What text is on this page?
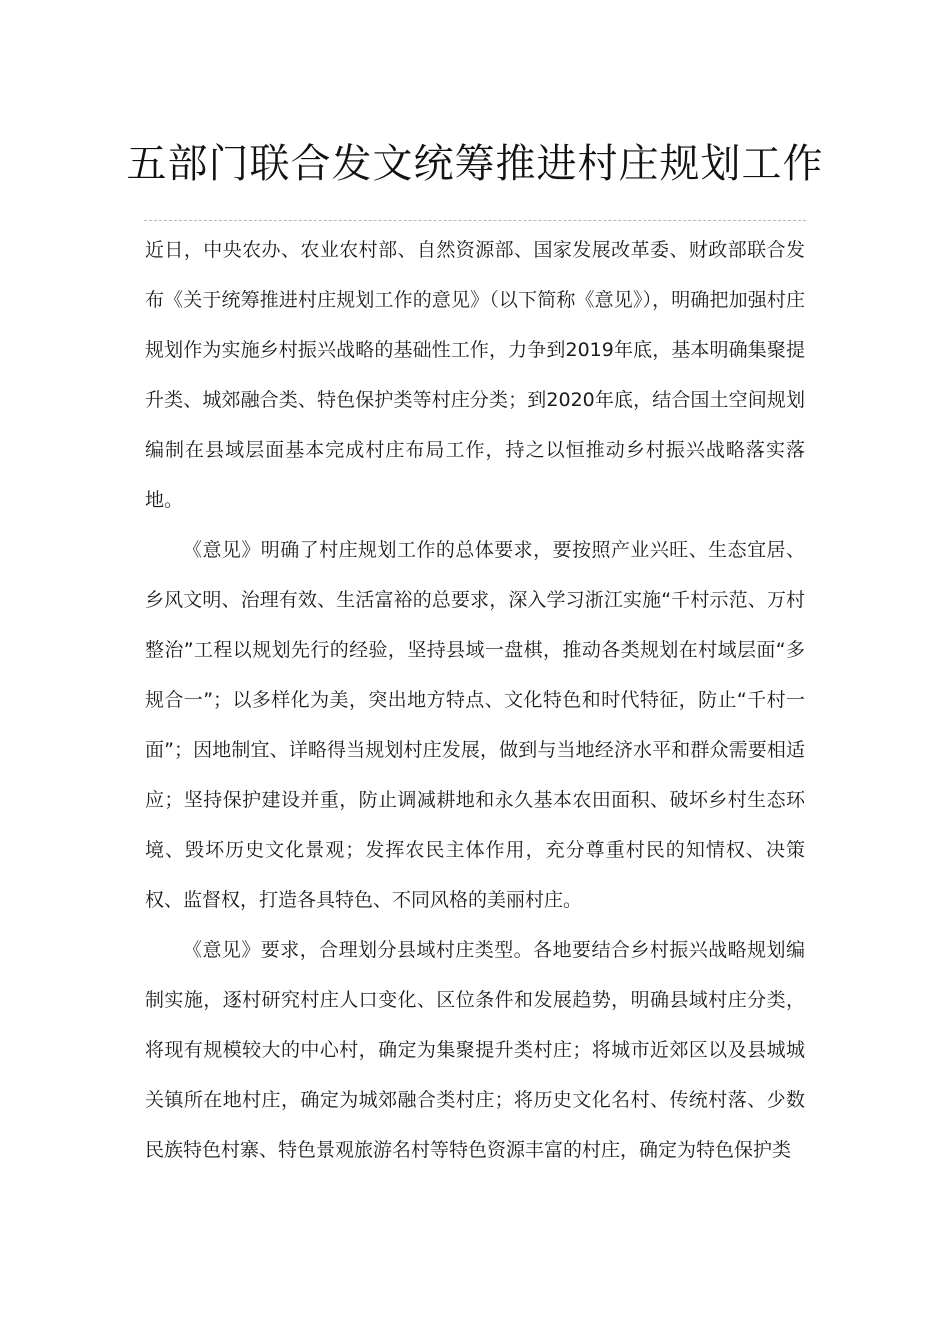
五部门联合发文统筹推进村庄规划工作

近日，中央农办、农业农村部、自然资源部、国家发展改革委、财政部联合发布《关于统筹推进村庄规划工作的意见》（以下简称《意见》），明确把加强村庄规划作为实施乡村振兴战略的基础性工作，力争到2019年底，基本明确集聚提升类、城郊融合类、特色保护类等村庄分类；到2020年底，结合国土空间规划编制在县域层面基本完成村庄布局工作，持之以恒推动乡村振兴战略落实落地。

《意见》明确了村庄规划工作的总体要求，要按照产业兴旺、生态宜居、乡风文明、治理有效、生活富裕的总要求，深入学习浙江实施“千村示范、万村整治”工程以规划先行的经验，坚持县域一盘棋，推动各类规划在村域层面“多规合一”；以多样化为美，突出地方特点、文化特色和时代特征，防止“千村一面”；因地制宜、详略得当规划村庄发展，做到与当地经济水平和群众需要相适应；坚持保护建设并重，防止调减耕地和永久基本农田面积、破坏乡村生态环境、毁坏历史文化景观；发挥农民主体作用，充分尊重村民的知情权、决策权、监督权，打造各具特色、不同风格的美丽村庄。

《意见》要求，合理划分县域村庄类型。各地要结合乡村振兴战略规划编制实施，逐村研究村庄人口变化、区位条件和发展趋势，明确县域村庄分类，将现有规模较大的中心村，确定为集聚提升类村庄；将城市近郊区以及县城城关镇所在地村庄，确定为城郊融合类村庄；将历史文化名村、传统村落、少数民族特色村寨、特色景观旅游名村等特色资源丰富的村庄，确定为特色保护类
